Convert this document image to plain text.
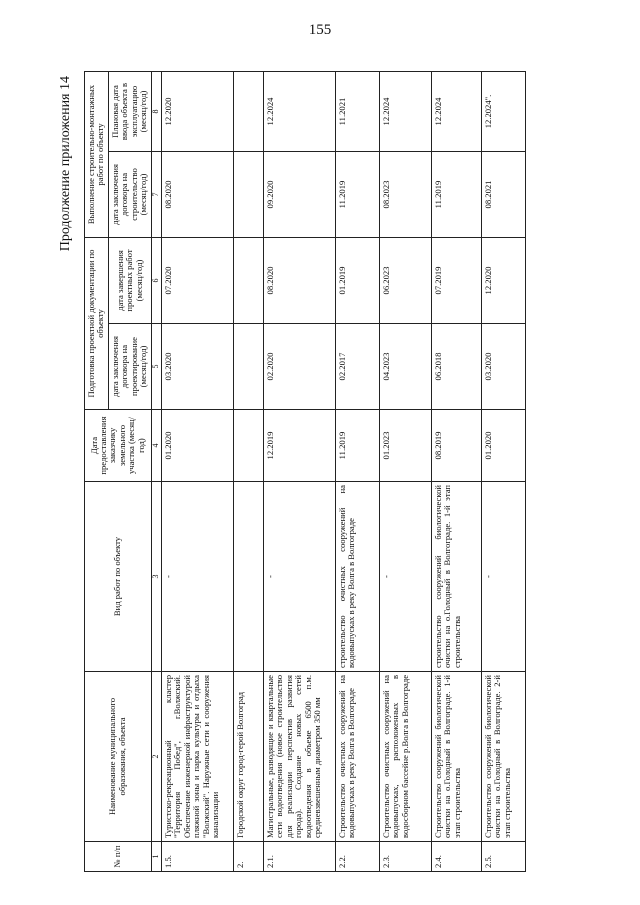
155
Продолжение приложения 14
№ п/п	Наименование муниципального образования, объекта	Вид работ по объекту	Дата предоставления заказчику земельного участка (месяц/год)	Подготовка проектной документации по объекту		Выполнение строительно-монтажных работ по объекту	
				дата заключения договора на проектирование (месяц/год)	дата завершения проектных работ (месяц/год)	дата заключения договора на строительство (месяц/год)	Плановая дата ввода объекта в эксплуатацию (месяц/год)
1	2	3	4	5	6	7	8
1.5.	Туристско-рекреационный кластер "Территория Побед", г.Волжский. Обеспечение инженерной инфраструктурой пляжной зоны и парка культуры и отдыха "Волжский". Наружные сети и сооружения канализации	-	01.2020	03.2020	07.2020	08.2020	12.2020
2.	Городской округ город-герой Волгоград						
2.1.	Магистральные, разводящие и квартальные сети водоотведения (новое строительство для реализации перспектив развития города). Создание новых сетей водоотведения в объеме 6500 п.м. средневзвешенным диаметром 350 мм	-	12.2019	02.2020	08.2020	09.2020	12.2024
2.2.	Строительство очистных сооружений на водовыпусках в реку Волга в Волгограде	строительство очистных сооружений на водовыпусках в реку Волга в Волгограде	11.2019	02.2017	01.2019	11.2019	11.2021
2.3.	Строительство очистных сооружений на водовыпусках, расположенных в водосборном бассейне р.Волга в Волгограде	-	01.2023	04.2023	06.2023	08.2023	12.2024
2.4.	Строительство сооружений биологической очистки на о.Голодный в Волгограде. 1-й этап строительства	строительство сооружений биологической очистки на о.Голодный в Волгограде. 1-й этап строительства	08.2019	06.2018	07.2019	11.2019	12.2024
2.5.	Строительство сооружений биологической очистки на о.Голодный в Волгограде. 2-й этап строительства	-	01.2020	03.2020	12.2020	08.2021	12.2024".
